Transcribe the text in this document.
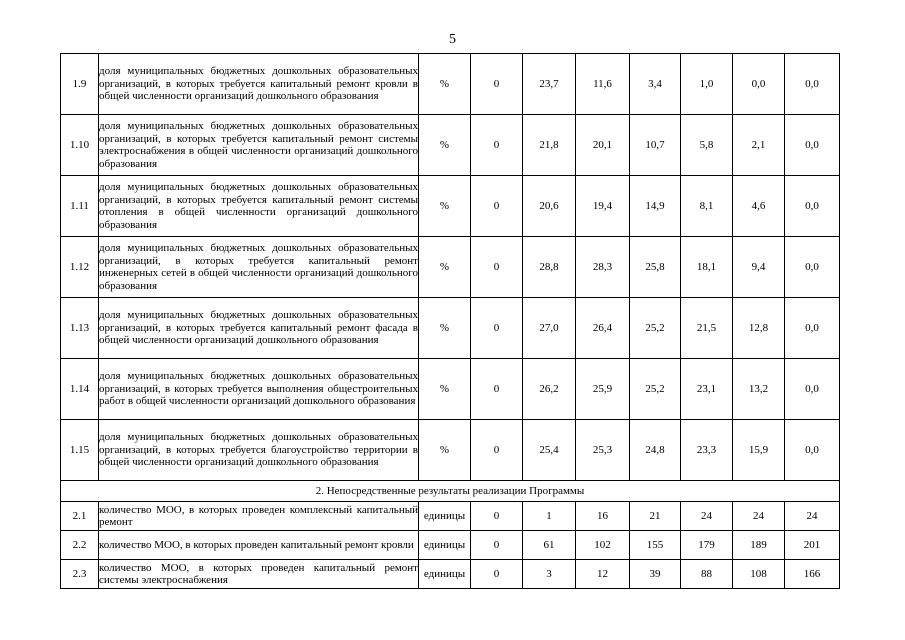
5
1.9	доля муниципальных бюджетных дошкольных образовательных организаций, в которых требуется капитальный ремонт кровли в общей численности организаций дошкольного образования	%	0	23,7	11,6	3,4	1,0	0,0	0,0
1.10	доля муниципальных бюджетных дошкольных образовательных организаций, в которых требуется капитальный ремонт системы электроснабжения в общей численности организаций дошкольного образования	%	0	21,8	20,1	10,7	5,8	2,1	0,0
1.11	доля муниципальных бюджетных дошкольных образовательных организаций, в которых требуется капитальный ремонт системы отопления в общей численности организаций дошкольного образования	%	0	20,6	19,4	14,9	8,1	4,6	0,0
1.12	доля муниципальных бюджетных дошкольных образовательных организаций, в которых требуется капитальный ремонт инженерных сетей в общей численности организаций дошкольного образования	%	0	28,8	28,3	25,8	18,1	9,4	0,0
1.13	доля муниципальных бюджетных дошкольных образовательных организаций, в которых требуется капитальный ремонт фасада в общей численности организаций дошкольного образования	%	0	27,0	26,4	25,2	21,5	12,8	0,0
1.14	доля муниципальных бюджетных дошкольных образовательных организаций, в которых требуется выполнения общестроительных работ в общей численности организаций дошкольного образования	%	0	26,2	25,9	25,2	23,1	13,2	0,0
1.15	доля муниципальных бюджетных дошкольных образовательных организаций, в которых требуется благоустройство территории в общей численности организаций дошкольного образования	%	0	25,4	25,3	24,8	23,3	15,9	0,0
2. Непосредственные результаты реализации Программы									
2.1	количество МОО, в которых проведен комплексный капитальный ремонт	единицы	0	1	16	21	24	24	24
2.2	количество МОО, в которых проведен капитальный ремонт кровли	единицы	0	61	102	155	179	189	201
2.3	количество МОО, в которых проведен капитальный ремонт системы электроснабжения	единицы	0	3	12	39	88	108	166
